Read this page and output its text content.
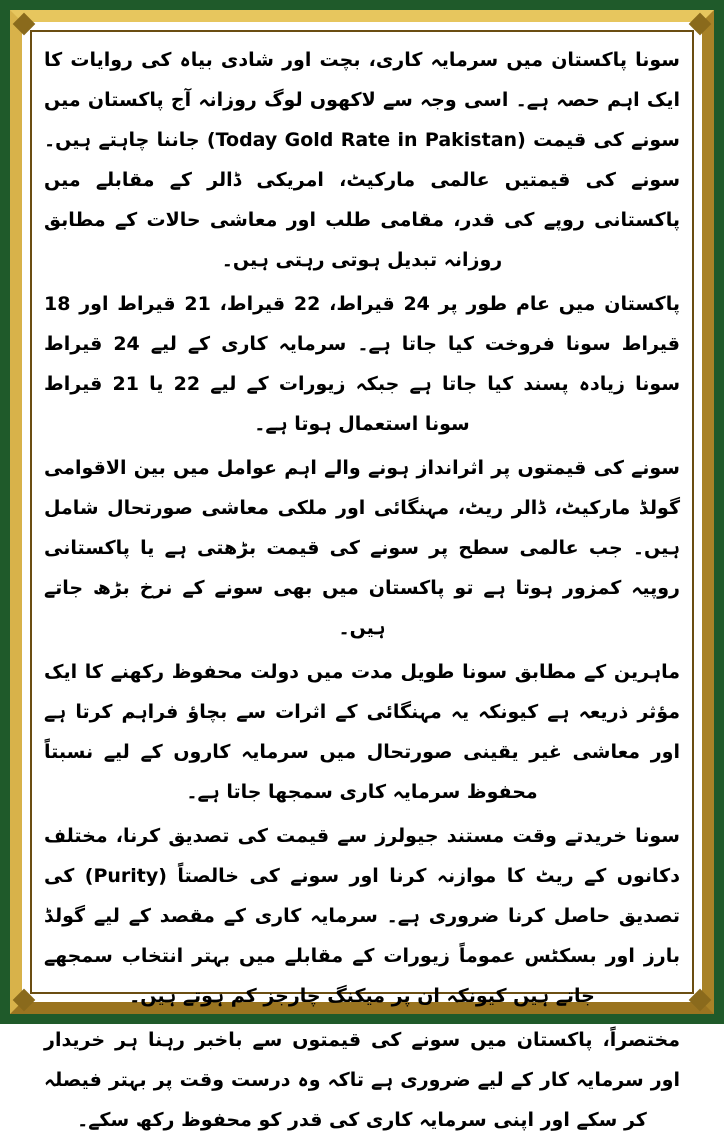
سونا پاکستان میں سرمایہ کاری، بچت اور شادی بیاہ کی روایات کا ایک اہم حصہ ہے۔ اسی وجہ سے لاکھوں لوگ روزانہ آج پاکستان میں سونے کی قیمت (Today Gold Rate in Pakistan) جاننا چاہتے ہیں۔ سونے کی قیمتیں عالمی مارکیٹ، امریکی ڈالر کے مقابلے میں پاکستانی روپے کی قدر، مقامی طلب اور معاشی حالات کے مطابق روزانہ تبدیل ہوتی رہتی ہیں۔

پاکستان میں عام طور پر 24 قیراط، 22 قیراط، 21 قیراط اور 18 قیراط سونا فروخت کیا جاتا ہے۔ سرمایہ کاری کے لیے 24 قیراط سونا زیادہ پسند کیا جاتا ہے جبکہ زیورات کے لیے 22 یا 21 قیراط سونا استعمال ہوتا ہے۔

سونے کی قیمتوں پر اثرانداز ہونے والے اہم عوامل میں بین الاقوامی گولڈ مارکیٹ، ڈالر ریٹ، مہنگائی اور ملکی معاشی صورتحال شامل ہیں۔ جب عالمی سطح پر سونے کی قیمت بڑھتی ہے یا پاکستانی روپیہ کمزور ہوتا ہے تو پاکستان میں بھی سونے کے نرخ بڑھ جاتے ہیں۔

ماہرین کے مطابق سونا طویل مدت میں دولت محفوظ رکھنے کا ایک مؤثر ذریعہ ہے کیونکہ یہ مہنگائی کے اثرات سے بچاؤ فراہم کرتا ہے اور معاشی غیر یقینی صورتحال میں سرمایہ کاروں کے لیے نسبتاً محفوظ سرمایہ کاری سمجھا جاتا ہے۔

سونا خریدتے وقت مستند جیولرز سے قیمت کی تصدیق کرنا، مختلف دکانوں کے ریٹ کا موازنہ کرنا اور سونے کی خالصتاً (Purity) کی تصدیق حاصل کرنا ضروری ہے۔ سرمایہ کاری کے مقصد کے لیے گولڈ بارز اور بسکٹس عموماً زیورات کے مقابلے میں بہتر انتخاب سمجھے جاتے ہیں کیونکہ ان پر میکنگ چارجز کم ہوتے ہیں۔

مختصراً، پاکستان میں سونے کی قیمتوں سے باخبر رہنا ہر خریدار اور سرمایہ کار کے لیے ضروری ہے تاکہ وہ درست وقت پر بہتر فیصلہ کر سکے اور اپنی سرمایہ کاری کی قدر کو محفوظ رکھ سکے۔
